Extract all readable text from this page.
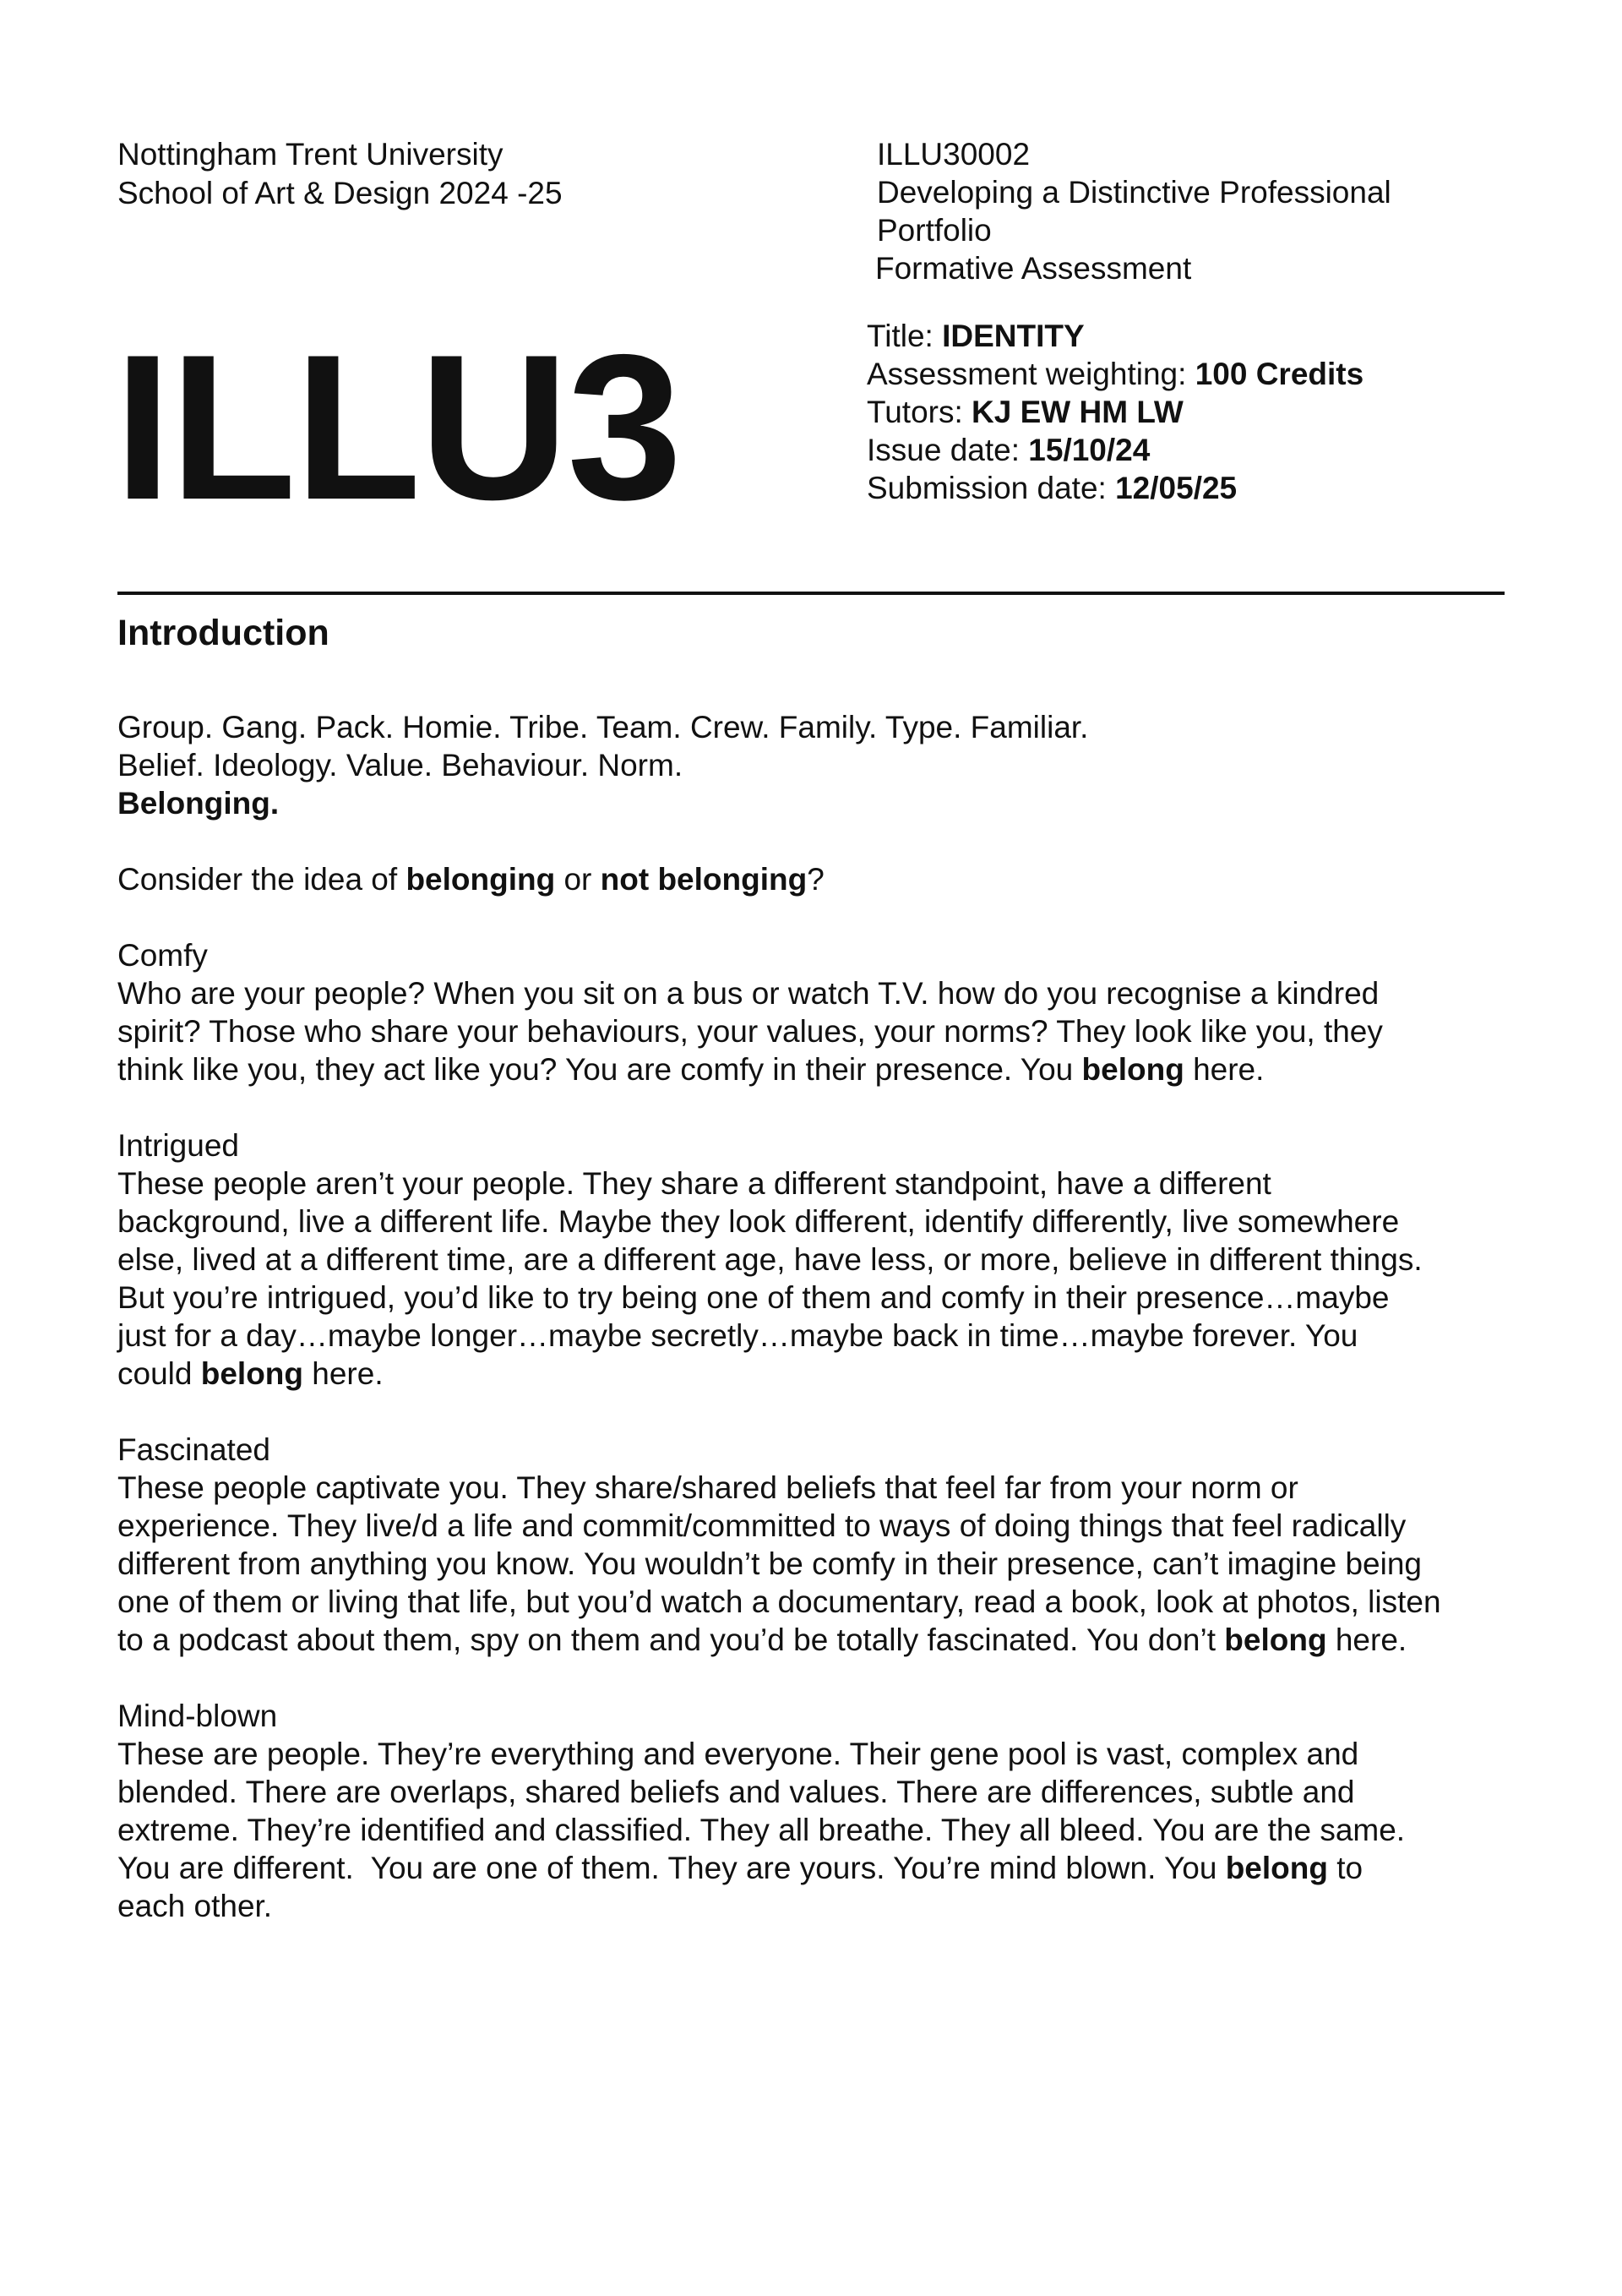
Nottingham Trent University
School of Art & Design 2024 -25
ILLU30002
Developing a Distinctive Professional
Portfolio
Formative Assessment
ILLU3	Title: IDENTITY
Assessment weighting: 100 Credits
Tutors: KJ EW HM LW
Issue date: 15/10/24
Submission date: 12/05/25
Introduction

Group. Gang. Pack. Homie. Tribe. Team. Crew. Family. Type. Familiar.
Belief. Ideology. Value. Behaviour. Norm.
Belonging.

Consider the idea of belonging or not belonging?

Comfy
Who are your people? When you sit on a bus or watch T.V. how do you recognise a kindred
spirit? Those who share your behaviours, your values, your norms? They look like you, they
think like you, they act like you? You are comfy in their presence. You belong here.

Intrigued
These people aren’t your people. They share a different standpoint, have a different
background, live a different life. Maybe they look different, identify differently, live somewhere
else, lived at a different time, are a different age, have less, or more, believe in different things.
But you’re intrigued, you’d like to try being one of them and comfy in their presence…maybe
just for a day…maybe longer…maybe secretly…maybe back in time…maybe forever. You
could belong here.

Fascinated
These people captivate you. They share/shared beliefs that feel far from your norm or
experience. They live/d a life and commit/committed to ways of doing things that feel radically
different from anything you know. You wouldn’t be comfy in their presence, can’t imagine being
one of them or living that life, but you’d watch a documentary, read a book, look at photos, listen
to a podcast about them, spy on them and you’d be totally fascinated. You don’t belong here.

Mind-blown
These are people. They’re everything and everyone. Their gene pool is vast, complex and
blended. There are overlaps, shared beliefs and values. There are differences, subtle and
extreme. They’re identified and classified. They all breathe. They all bleed. You are the same.
You are different.  You are one of them. They are yours. You’re mind blown. You belong to
each other.
